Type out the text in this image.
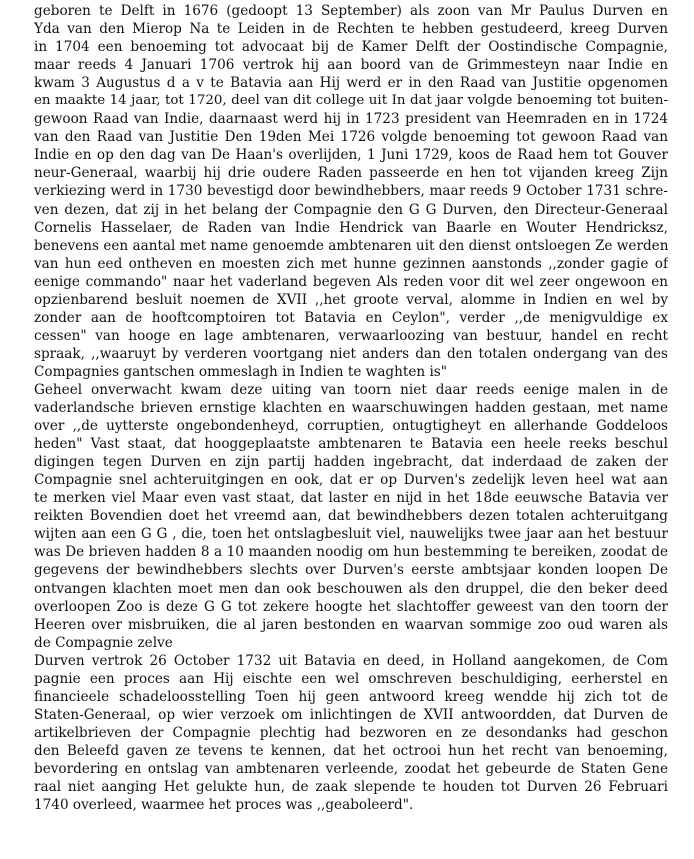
geboren te Delft in 1676 (gedoopt 13 September) als zoon van Mr Paulus Durven en
Yda van den Mierop Na te Leiden in de Rechten te hebben gestudeerd, kreeg Durven
in 1704 een benoeming tot advocaat bij de Kamer Delft der Oostindische Compagnie,
maar reeds 4 Januari 1706 vertrok hij aan boord van de Grimmesteyn naar Indie en
kwam 3 Augustus d a v te Batavia aan Hij werd er in den Raad van Justitie opgenomen
en maakte 14 jaar, tot 1720, deel van dit college uit In dat jaar volgde benoeming tot buiten-
gewoon Raad van Indie, daarnaast werd hij in 1723 president van Heemraden en in 1724
van den Raad van Justitie Den 19den Mei 1726 volgde benoeming tot gewoon Raad van
Indie en op den dag van De Haan's overlijden, 1 Juni 1729, koos de Raad hem tot Gouver
neur-Generaal, waarbij hij drie oudere Raden passeerde en hen tot vijanden kreeg Zijn
verkiezing werd in 1730 bevestigd door bewindhebbers, maar reeds 9 October 1731 schre-
ven dezen, dat zij in het belang der Compagnie den G G Durven, den Directeur-Generaal
Cornelis Hasselaer, de Raden van Indie Hendrick van Baarle en Wouter Hendricksz,
benevens een aantal met name genoemde ambtenaren uit den dienst ontsloegen Ze werden
van hun eed ontheven en moesten zich met hunne gezinnen aanstonds ,,zonder gagie of
eenige commando" naar het vaderland begeven Als reden voor dit wel zeer ongewoon en
opzienbarend besluit noemen de XVII ,,het groote verval, alomme in Indien en wel by
zonder aan de hooftcomptoiren tot Batavia en Ceylon", verder ,,de menigvuldige ex
cessen" van hooge en lage ambtenaren, verwaarloozing van bestuur, handel en recht
spraak, ,,waaruyt by verderen voortgang niet anders dan den totalen ondergang van des
Compagnies gantschen ommeslagh in Indien te waghten is"
Geheel onverwacht kwam deze uiting van toorn niet daar reeds eenige malen in de
vaderlandsche brieven ernstige klachten en waarschuwingen hadden gestaan, met name
over ,,de uytterste ongebondenheyd, corruptien, ontugtigheyt en allerhande Goddeloos
heden" Vast staat, dat hooggeplaatste ambtenaren te Batavia een heele reeks beschul
digingen tegen Durven en zijn partij hadden ingebracht, dat inderdaad de zaken der
Compagnie snel achteruitgingen en ook, dat er op Durven's zedelijk leven heel wat aan
te merken viel Maar even vast staat, dat laster en nijd in het 18de eeuwsche Batavia ver
reikten Bovendien doet het vreemd aan, dat bewindhebbers dezen totalen achteruitgang
wijten aan een G G , die, toen het ontslagbesluit viel, nauwelijks twee jaar aan het bestuur
was De brieven hadden 8 a 10 maanden noodig om hun bestemming te bereiken, zoodat de
gegevens der bewindhebbers slechts over Durven's eerste ambtsjaar konden loopen De
ontvangen klachten moet men dan ook beschouwen als den druppel, die den beker deed
overloopen Zoo is deze G G tot zekere hoogte het slachtoffer geweest van den toorn der
Heeren over misbruiken, die al jaren bestonden en waarvan sommige zoo oud waren als
de Compagnie zelve
Durven vertrok 26 October 1732 uit Batavia en deed, in Holland aangekomen, de Com
pagnie een proces aan Hij eischte een wel omschreven beschuldiging, eerherstel en
financieele schadeloosstelling Toen hij geen antwoord kreeg wendde hij zich tot de
Staten-Generaal, op wier verzoek om inlichtingen de XVII antwoordden, dat Durven de
artikelbrieven der Compagnie plechtig had bezworen en ze desondanks had geschon
den Beleefd gaven ze tevens te kennen, dat het octrooi hun het recht van benoeming,
bevordering en ontslag van ambtenaren verleende, zoodat het gebeurde de Staten Gene
raal niet aanging Het gelukte hun, de zaak slepende te houden tot Durven 26 Februari
1740 overleed, waarmee het proces was ,,geaboleerd".
